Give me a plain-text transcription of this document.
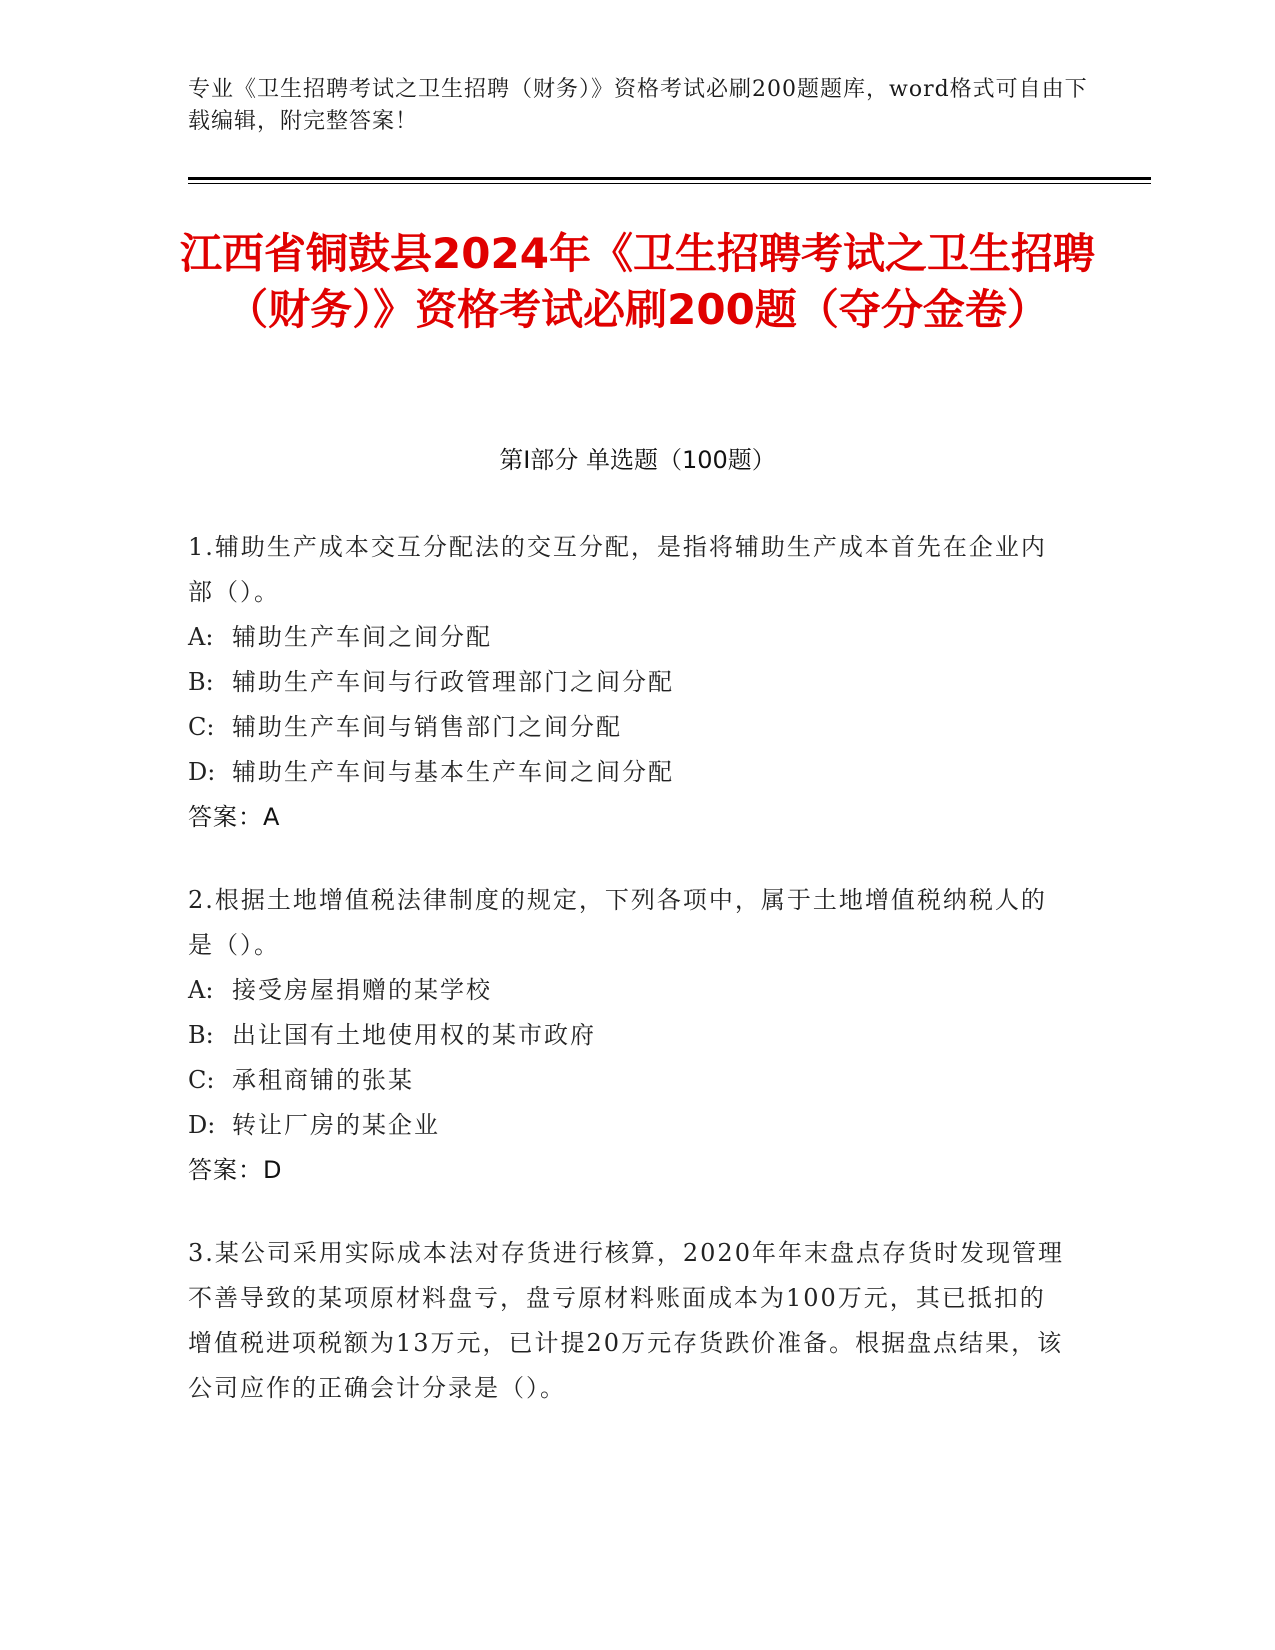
专业《卫生招聘考试之卫生招聘（财务）》资格考试必刷200题题库，word格式可自由下载编辑，附完整答案！
江西省铜鼓县2024年《卫生招聘考试之卫生招聘（财务）》资格考试必刷200题（夺分金卷）
第Ⅰ部分 单选题（100题）
1.辅助生产成本交互分配法的交互分配，是指将辅助生产成本首先在企业内部（）。
A: 辅助生产车间之间分配
B: 辅助生产车间与行政管理部门之间分配
C: 辅助生产车间与销售部门之间分配
D: 辅助生产车间与基本生产车间之间分配
答案：A
2.根据土地增值税法律制度的规定，下列各项中，属于土地增值税纳税人的是（）。
A: 接受房屋捐赠的某学校
B: 出让国有土地使用权的某市政府
C: 承租商铺的张某
D: 转让厂房的某企业
答案：D
3.某公司采用实际成本法对存货进行核算，2020年年末盘点存货时发现管理不善导致的某项原材料盘亏，盘亏原材料账面成本为100万元，其已抵扣的增值税进项税额为13万元，已计提20万元存货跌价准备。根据盘点结果，该公司应作的正确会计分录是（）。
